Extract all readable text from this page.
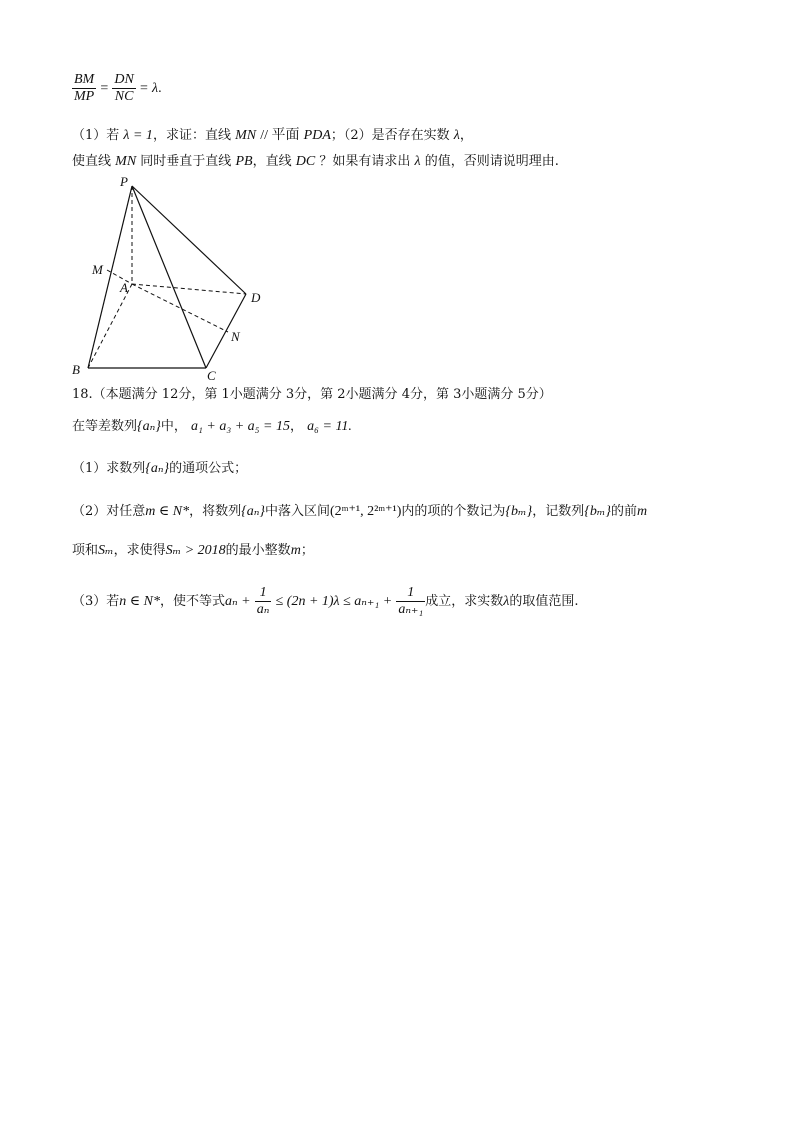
$\frac{BM}{MP} = \frac{DN}{NC} = \lambda$.
（1）若 λ = 1，求证：直线 MN // 平面 PDA；（2）是否存在实数 λ，
使直线 MN 同时垂直于直线 PB，直线 DC ？如果有请求出 λ 的值，否则请说明理由.
P
M
A
D
N
B	C
18.（本题满分 12分，第 1小题满分 3分，第 2小题满分 4分，第 3小题满分 5分）
在等差数列{aₙ}中， a₁ + a₃ + a₅ = 15， a₆ = 11.
（1）求数列{aₙ}的通项公式；
（2）对任意m ∈ N*，将数列{aₙ}中落入区间(2ᵐ⁺¹, 2²ᵐ⁺¹)内的项的个数记为{bₘ}，记数列{bₘ}的前m
项和Sₘ，求使得Sₘ > 2018的最小整数m；
（3）若n ∈ N*，使不等式$a_n + \frac{1}{\text{aₙ}} \le (2n + 1)\lambda \le a_{n+1} + \frac{1}{\text{aₙ₊₁}}$ 成立，求实数λ的取值范围.
